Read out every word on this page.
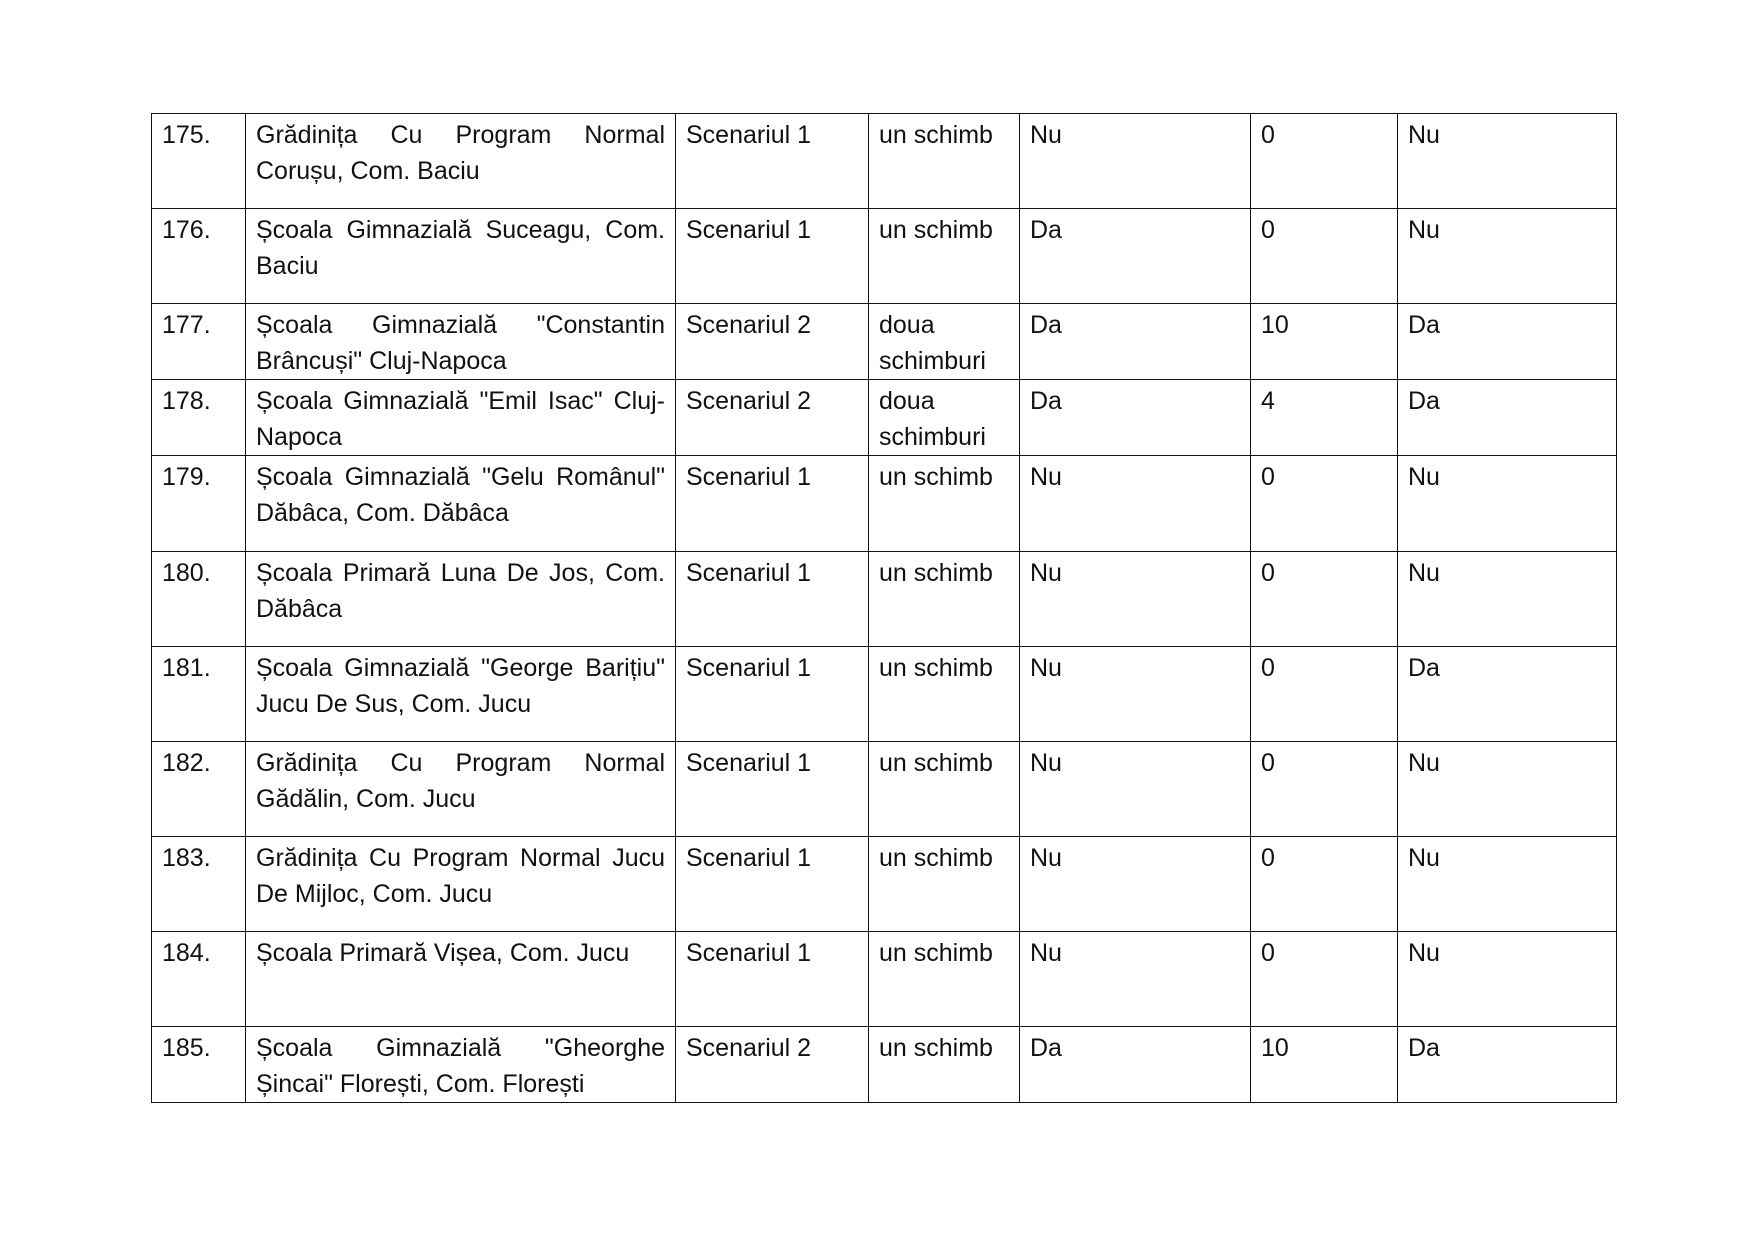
175.	Grădinița Cu Program Normal Corușu, Com. Baciu	Scenariul 1	un schimb	Nu	0	Nu
176.	Școala Gimnazială Suceagu, Com. Baciu	Scenariul 1	un schimb	Da	0	Nu
177.	Școala Gimnazială "Constantin Brâncuși" Cluj-Napoca	Scenariul 2	doua schimburi	Da	10	Da
178.	Școala Gimnazială "Emil Isac" Cluj-Napoca	Scenariul 2	doua schimburi	Da	4	Da
179.	Școala Gimnazială "Gelu Românul" Dăbâca, Com. Dăbâca	Scenariul 1	un schimb	Nu	0	Nu
180.	Școala Primară Luna De Jos, Com. Dăbâca	Scenariul 1	un schimb	Nu	0	Nu
181.	Școala Gimnazială "George Barițiu" Jucu De Sus, Com. Jucu	Scenariul 1	un schimb	Nu	0	Da
182.	Grădinița Cu Program Normal Gădălin, Com. Jucu	Scenariul 1	un schimb	Nu	0	Nu
183.	Grădinița Cu Program Normal Jucu De Mijloc, Com. Jucu	Scenariul 1	un schimb	Nu	0	Nu
184.	Școala Primară Vișea, Com. Jucu	Scenariul 1	un schimb	Nu	0	Nu
185.	Școala Gimnazială "Gheorghe Șincai" Florești, Com. Florești	Scenariul 2	un schimb	Da	10	Da
